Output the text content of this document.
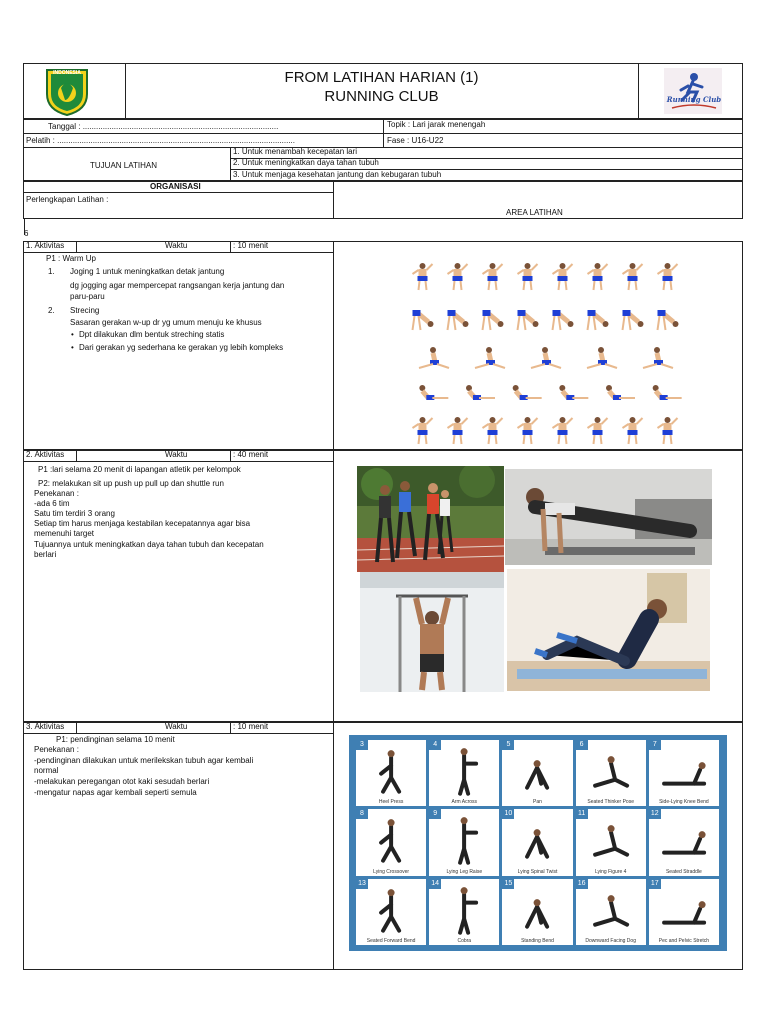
INDONESIA	FROM LATIHAN HARIAN (1)
RUNNING CLUB	Running Club
Tanggal : ........................................................................................	Topik : Lari jarak menengah
Pelatih : ...........................................................................................................	Fase : U16-U22
TUJUAN LATIHAN
1. Untuk menambah kecepatan lari
2. Untuk meningkatkan daya tahan tubuh
3. Untuk menjaga kesehatan jantung dan kebugaran tubuh
ORGANISASI
Perlengkapan Latihan :
AREA LATIHAN
6
1. Aktivitas	Waktu	: 10 menit
P1 : Warm Up
1. Joging 1 untuk meningkatkan detak jantung
dg jogging agar mempercepat rangsangan kerja jantung dan
paru-paru
2. Strecing
Sasaran gerakan w-up dr yg umum menuju ke khusus
• Dpt dilakukan dlm bentuk streching statis
• Dari gerakan yg sederhana ke gerakan yg lebih kompleks
2. Aktivitas	Waktu	: 40 menit
P1 :lari selama 20 menit di lapangan atletik per kelompok
P2: melakukan sit up push up pull up dan shuttle run
Penekanan :
-ada 6 tim
Satu tim terdiri 3 orang
Setiap tim harus menjaga kestabilan kecepatannya agar bisa
memenuhi target
Tujuannya untuk meningkatkan daya tahan tubuh dan kecepatan
berlari
3. Aktivitas	Waktu	: 10 menit
P1: pendinginan selama 10 menit
Penekanan :
-pendinginan dilakukan untuk merilekskan tubuh agar kembali
normal
-melakukan peregangan otot kaki sesudah berlari
-mengatur napas agar kembali seperti semula
3
Heel Press
4
Arm Across
5
Pan
6
Seated Thinker Pose
7
Side-Lying Knee Bend
8
Lying Crossover
9
Lying Leg Raise
10
Lying Spinal Twist
11
Lying Figure 4
12
Seated Straddle
13
Seated Forward Bend
14
Cobra
15
Standing Bend
16
Downward Facing Dog
17
Pec and Pelvic Stretch
